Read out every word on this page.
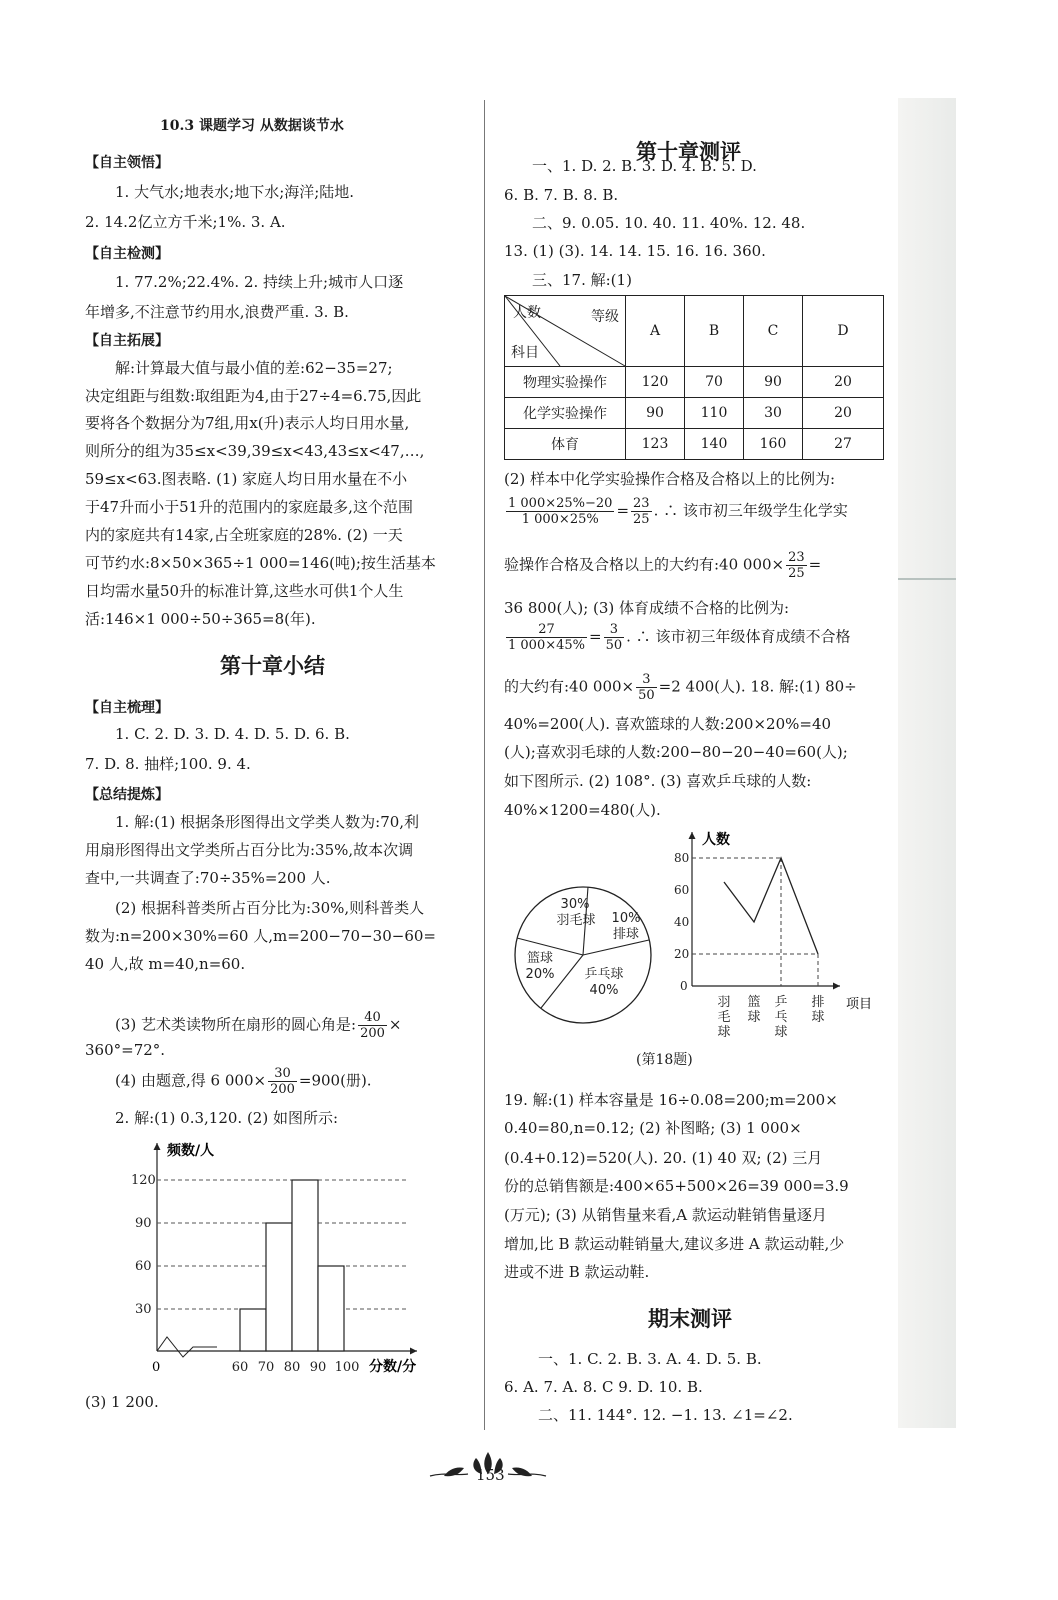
10.3 课题学习 从数据谈节水
【自主领悟】
1. 大气水;地表水;地下水;海洋;陆地.
2. 14.2亿立方千米;1%. 3. A.
【自主检测】
1. 77.2%;22.4%. 2. 持续上升;城市人口逐
年增多,不注意节约用水,浪费严重. 3. B.
【自主拓展】
解:计算最大值与最小值的差:62−35=27;
决定组距与组数:取组距为4,由于27÷4=6.75,因此
要将各个数据分为7组,用x(升)表示人均日用水量,
则所分的组为35≤x<39,39≤x<43,43≤x<47,…,
59≤x<63.图表略. (1) 家庭人均日用水量在不小
于47升而小于51升的范围内的家庭最多,这个范围
内的家庭共有14家,占全班家庭的28%. (2) 一天
可节约水:8×50×365÷1 000=146(吨);按生活基本
日均需水量50升的标准计算,这些水可供1个人生
活:146×1 000÷50÷365=8(年).
第十章小结
【自主梳理】
1. C. 2. D. 3. D. 4. D. 5. D. 6. B.
7. D. 8. 抽样;100. 9. 4.
【总结提炼】
1. 解:(1) 根据条形图得出文学类人数为:70,利
用扇形图得出文学类所占百分比为:35%,故本次调
查中,一共调查了:70÷35%=200 人.
(2) 根据科普类所占百分比为:30%,则科普类人
数为:n=200×30%=60 人,m=200−70−30−60=
40 人,故 m=40,n=60.
(3) 艺术类读物所在扇形的圆心角是: $\frac{40}{200}$ ×
360°=72°.
(4) 由题意,得 6 $000\times \frac{30}{200} =900$(册).
2. 解:(1) 0.3,120. (2) 如图所示:
120
90
60
30
60 70 80 90 100
0
频数/人
分数/分
(3) 1 200.
第十章测评
一、1. D. 2. B. 3. D. 4. B. 5. D.
6. B. 7. B. 8. B.
二、9. 0.05. 10. 40. 11. 40%. 12. 48.
13. (1) (3). 14. 14. 15. 16. 16. 360.
三、17. 解:(1)
等级
人数
科目	A	B	C	D
物理实验操作	120	70	90	20
化学实验操作	90	110	30	20
体育	123	140	160	27
(2) 样本中化学实验操作合格及合格以上的比例为:
$\frac{1 000\times 25\%-20}{1 000\times 25\%} = \frac{23}{25}$ . ∴ 该市初三年级学生化学实
验操作合格及合格以上的大约有:40 $000\times \frac{23}{25}$ =
36 800(人); (3) 体育成绩不合格的比例为:
$\frac{27}{1 000\times 45\%} = \frac{3}{50}$ . ∴ 该市初三年级体育成绩不合格
的大约有:40 $000\times \frac{3}{50} =2$ 400(人). 18. 解:(1) 80÷
40%=200(人). 喜欢篮球的人数:200×20%=40
(人);喜欢羽毛球的人数:200−80−20−40=60(人);
如下图所示. (2) 108°. (3) 喜欢乒乓球的人数:
40%×1200=480(人).
30%
羽毛球 10%
排球
篮球
20% 乒乓球
40%
80
60
40
20
0
人数
项目
羽
毛
球
篮
球
乒
乓
球
排
球
(第18题)
19. 解:(1) 样本容量是 16÷0.08=200;m=200×
0.40=80,n=0.12; (2) 补图略; (3) 1 000×
(0.4+0.12)=520(人). 20. (1) 40 双; (2) 三月
份的总销售额是:400×65+500×26=39 000=3.9
(万元); (3) 从销售量来看,A 款运动鞋销售量逐月
增加,比 B 款运动鞋销量大,建议多进 A 款运动鞋,少
进或不进 B 款运动鞋.
期末测评
一、1. C. 2. B. 3. A. 4. D. 5. B.
6. A. 7. A. 8. C 9. D. 10. B.
二、11. 144°. 12. −1. 13. ∠1=∠2.
153
